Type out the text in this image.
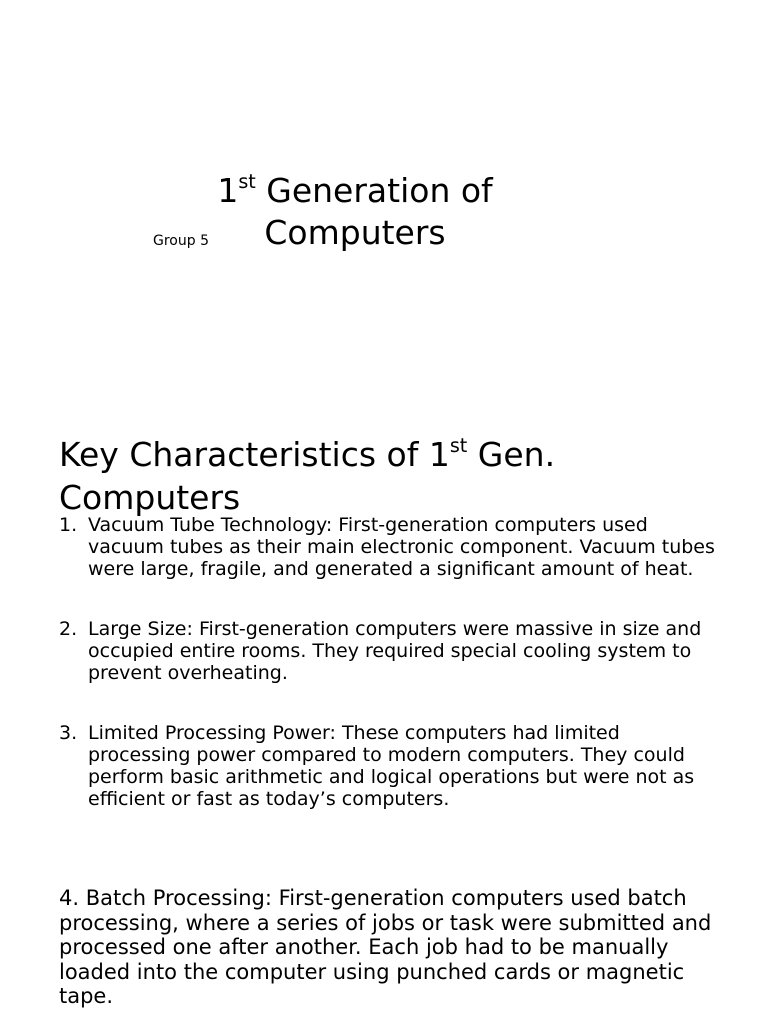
1st Generation of
Computers
Group 5
Key Characteristics of 1st Gen. Computers
1. Vacuum Tube Technology: First-generation computers used vacuum tubes as their main electronic component. Vacuum tubes were large, fragile, and generated a significant amount of heat.
2. Large Size: First-generation computers were massive in size and occupied entire rooms. They required special cooling system to prevent overheating.
3. Limited Processing Power: These computers had limited processing power compared to modern computers. They could perform basic arithmetic and logical operations but were not as efficient or fast as today’s computers.

4. Batch Processing: First-generation computers used batch processing, where a series of jobs or task were submitted and processed one after another. Each job had to be manually loaded into the computer using punched cards or magnetic tape.
